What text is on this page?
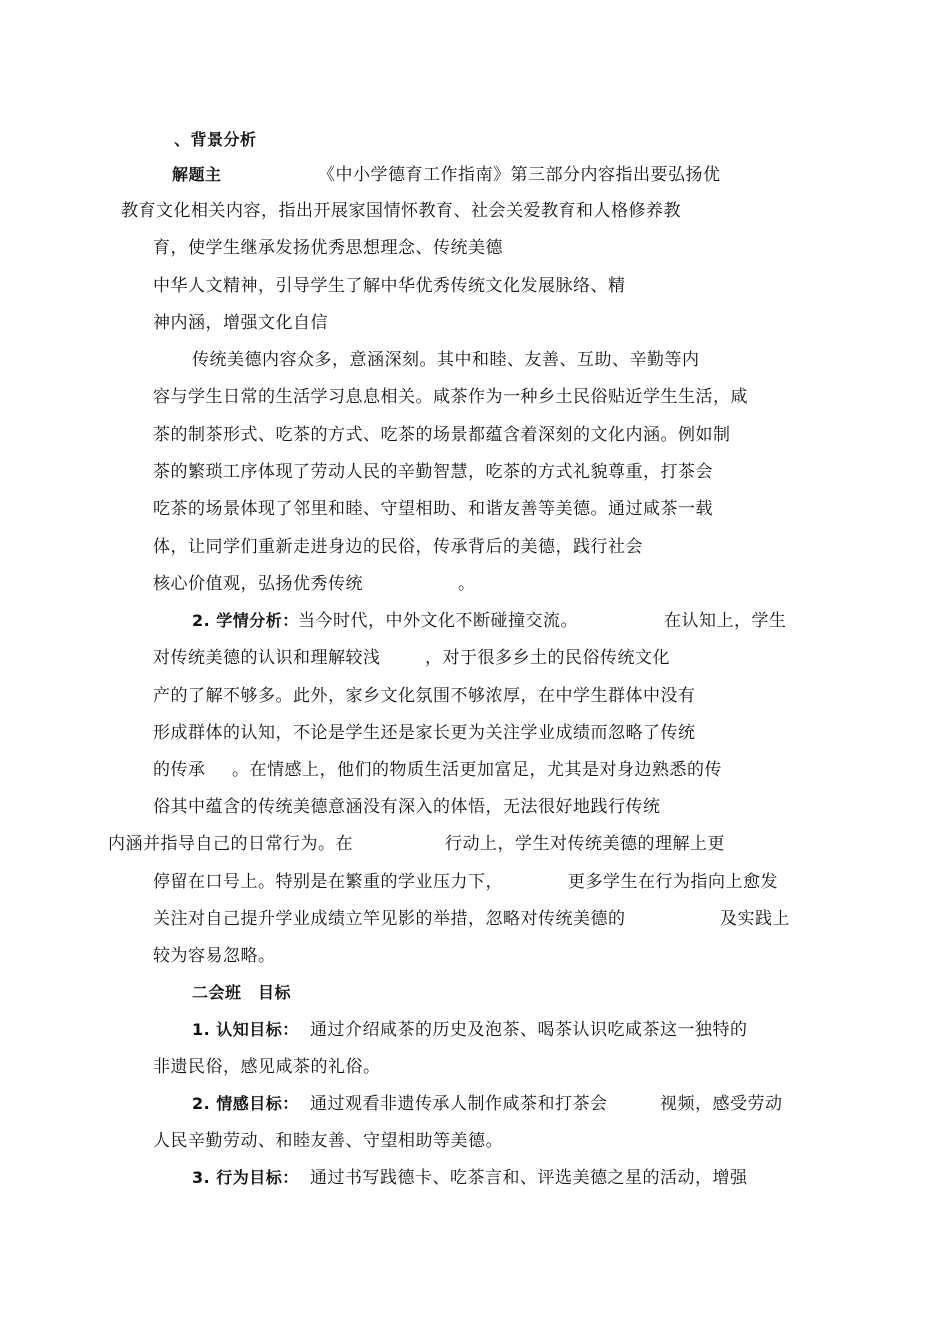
、背景分析
解题主	《中小学德育工作指南》第三部分内容指出要弘扬优
教育文化相关内容，指出开展家国情怀教育、社会关爱教育和人格修养教
育，使学生继承发扬优秀思想理念、传统美德
中华人文精神，引导学生了解中华优秀传统文化发展脉络、精
神内涵，增强文化自信
传统美德内容众多，意涵深刻。其中和睦、友善、互助、辛勤等内
容与学生日常的生活学习息息相关。咸茶作为一种乡土民俗贴近学生生活，咸
茶的制茶形式、吃茶的方式、吃茶的场景都蕴含着深刻的文化内涵。例如制
茶的繁琐工序体现了劳动人民的辛勤智慧，吃茶的方式礼貌尊重，打茶会
吃茶的场景体现了邻里和睦、守望相助、和谐友善等美德。通过咸茶一载
体，让同学们重新走进身边的民俗，传承背后的美德，践行社会
核心价值观，弘扬优秀传统	。
2. 学情分析： 当今时代，中外文化不断碰撞交流。	在认知上，学生
对传统美德的认识和理解较浅	，对于很多乡土的民俗传统文化
产的了解不够多。此外，家乡文化氛围不够浓厚，在中学生群体中没有
形成群体的认知，不论是学生还是家长更为关注学业成绩而忽略了传统
的传承 。在情感上，他们的物质生活更加富足，尤其是对身边熟悉的传
俗其中蕴含的传统美德意涵没有深入的体悟，无法很好地践行传统
内涵并指导自己的日常行为。在	行动上，学生对传统美德的理解上更
停留在口号上。特别是在繁重的学业压力下，	更多学生在行为指向上愈发
关注对自己提升学业成绩立竿见影的举措，忽略对传统美德的	及实践上
较为容易忽略。
二会班　目标
1. 认知目标： 通过介绍咸茶的历史及泡茶、喝茶认识吃咸茶这一独特的
非遗民俗，感见咸茶的礼俗。
2. 情感目标： 通过观看非遗传承人制作咸茶和打茶会	视频，感受劳动
人民辛勤劳动、和睦友善、守望相助等美德。
3. 行为目标： 通过书写践德卡、吃茶言和、评选美德之星的活动，增强
